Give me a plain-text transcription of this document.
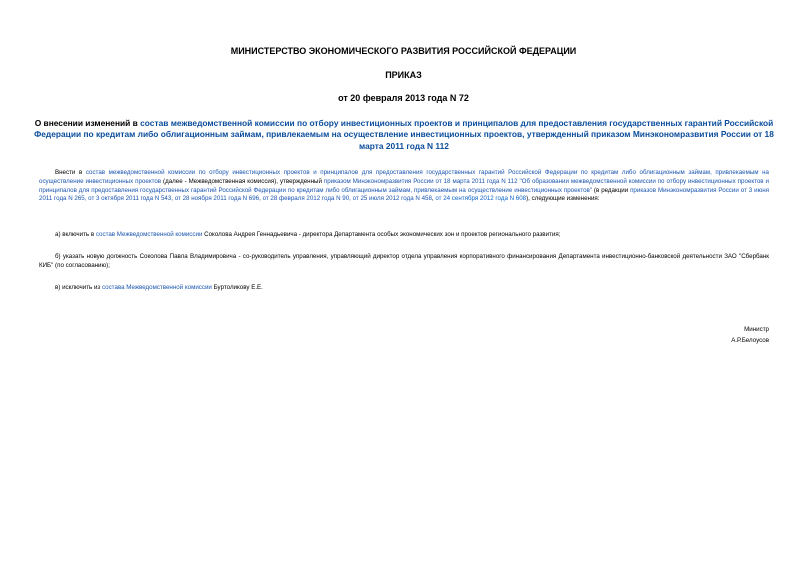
МИНИСТЕРСТВО ЭКОНОМИЧЕСКОГО РАЗВИТИЯ РОССИЙСКОЙ ФЕДЕРАЦИИ
ПРИКАЗ
от 20 февраля 2013 года N 72
О внесении изменений в состав межведомственной комиссии по отбору инвестиционных проектов и принципалов для предоставления государственных гарантий Российской Федерации по кредитам либо облигационным займам, привлекаемым на осуществление инвестиционных проектов, утвержденный приказом Минэкономразвития России от 18 марта 2011 года N 112
Внести в состав межведомственной комиссии по отбору инвестиционных проектов и принципалов для предоставления государственных гарантий Российской Федерации по кредитам либо облигационным займам, привлекаемым на осуществление инвестиционных проектов (далее - Межведомственная комиссия), утвержденный приказом Минэкономразвития России от 18 марта 2011 года N 112 "Об образовании межведомственной комиссии по отбору инвестиционных проектов и принципалов для предоставления государственных гарантий Российской Федерации по кредитам либо облигационным займам, привлекаемым на осуществление инвестиционных проектов" (в редакции приказов Минэкономразвития России от 3 июня 2011 года N 265, от 3 октября 2011 года N 543, от 28 ноября 2011 года N 696, от 28 февраля 2012 года N 90, от 25 июля 2012 года N 458, от 24 сентября 2012 года N 608), следующие изменения:
а) включить в состав Межведомственной комиссии Соколова Андрея Геннадьевича - директора Департамента особых экономических зон и проектов регионального развития;
б) указать новую должность Соколова Павла Владимировича - со-руководитель управления, управляющий директор отдела управления корпоративного финансирования Департамента инвестиционно-банковской деятельности ЗАО "Сбербанк КИБ" (по согласованию);
в) исключить из состава Межведомственной комиссии Буртоликову Е.Е.
Министр
А.Р.Белоусов
